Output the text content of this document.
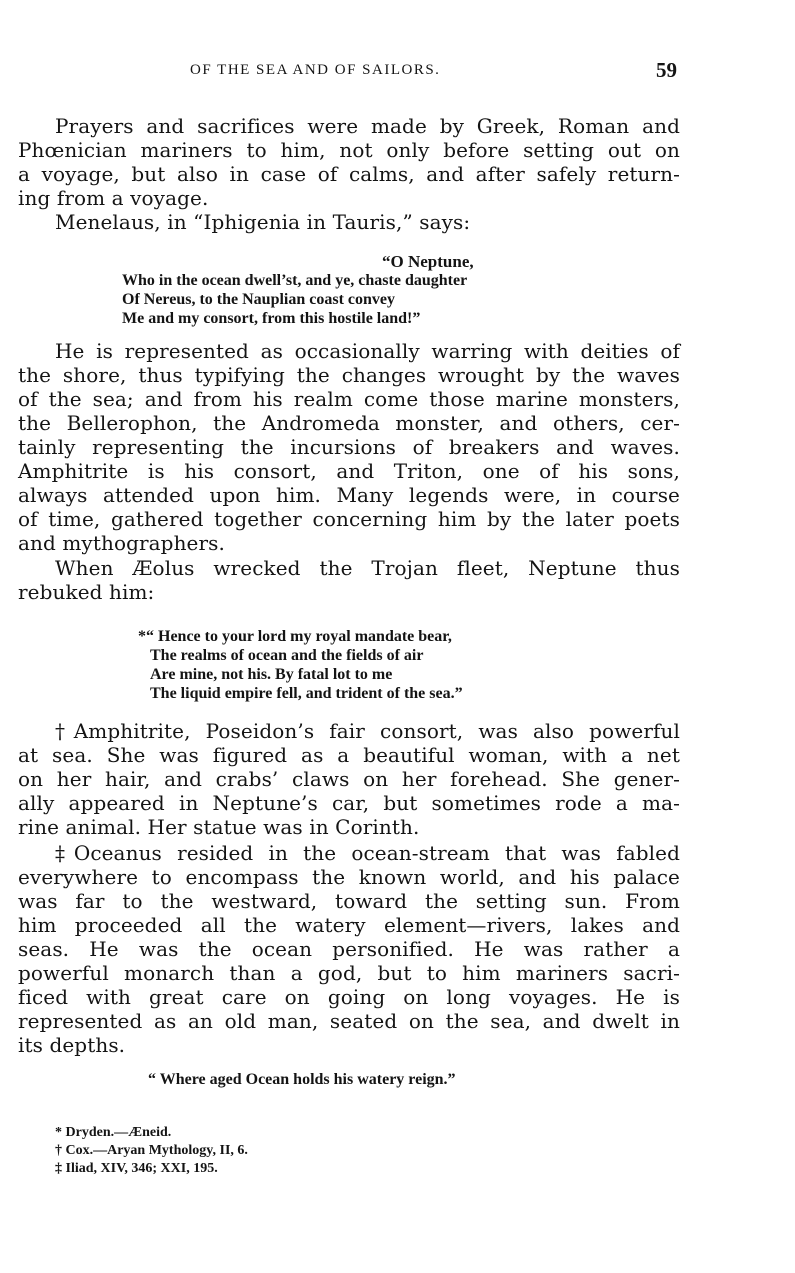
OF THE SEA AND OF SAILORS.	59
Prayers and sacrifices were made by Greek, Roman and
Phœnician mariners to him, not only before setting out on
a voyage, but also in case of calms, and after safely return-
ing from a voyage.
Menelaus, in “Iphigenia in Tauris,” says:
He is represented as occasionally warring with deities of
the shore, thus typifying the changes wrought by the waves
of the sea; and from his realm come those marine monsters,
the Bellerophon, the Andromeda monster, and others, cer-
tainly representing the incursions of breakers and waves.
Amphitrite is his consort, and Triton, one of his sons,
always attended upon him. Many legends were, in course
of time, gathered together concerning him by the later poets
and mythographers.
When Æolus wrecked the Trojan fleet, Neptune thus
rebuked him:
†Amphitrite, Poseidon’s fair consort, was also powerful
at sea. She was figured as a beautiful woman, with a net
on her hair, and crabs’ claws on her forehead. She gener-
ally appeared in Neptune’s car, but sometimes rode a ma-
rine animal. Her statue was in Corinth.
‡Oceanus resided in the ocean-stream that was fabled
everywhere to encompass the known world, and his palace
was far to the westward, toward the setting sun. From
him proceeded all the watery element—rivers, lakes and
seas. He was the ocean personified. He was rather a
powerful monarch than a god, but to him mariners sacri-
ficed with great care on going on long voyages. He is
represented as an old man, seated on the sea, and dwelt in
its depths.
“O Neptune,
Who in the ocean dwell’st, and ye, chaste daughter
Of Nereus, to the Nauplian coast convey
Me and my consort, from this hostile land!”
*“ Hence to your lord my royal mandate bear,
The realms of ocean and the fields of air
Are mine, not his. By fatal lot to me
The liquid empire fell, and trident of the sea.”
“ Where aged Ocean holds his watery reign.”
* Dryden.—Æneid.
† Cox.—Aryan Mythology, II, 6.
‡ Iliad, XIV, 346; XXI, 195.
